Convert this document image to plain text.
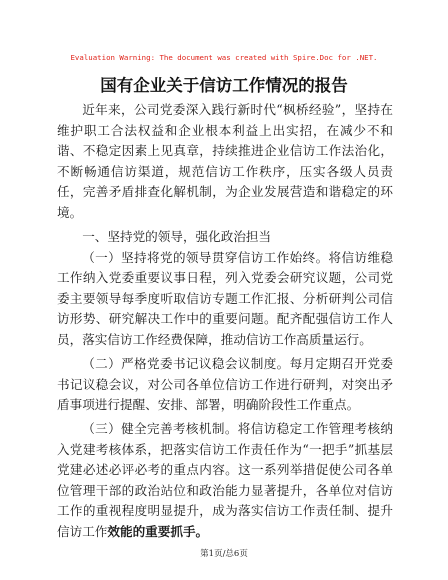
Evaluation Warning: The document was created with Spire.Doc for .NET.
国有企业关于信访工作情况的报告

近年来，公司党委深入践行新时代“枫桥经验”，坚持在维护职工合法权益和企业根本利益上出实招，在减少不和谐、不稳定因素上见真章，持续推进企业信访工作法治化，不断畅通信访渠道，规范信访工作秩序，压实各级人员责任，完善矛盾排查化解机制，为企业发展营造和谐稳定的环境。

一、坚持党的领导，强化政治担当

（一）坚持将党的领导贯穿信访工作始终。将信访维稳工作纳入党委重要议事日程，列入党委会研究议题，公司党委主要领导每季度听取信访专题工作汇报、分析研判公司信访形势、研究解决工作中的重要问题。配齐配强信访工作人员，落实信访工作经费保障，推动信访工作高质量运行。

（二）严格党委书记议稳会议制度。每月定期召开党委书记议稳会议，对公司各单位信访工作进行研判，对突出矛盾事项进行提醒、安排、部署，明确阶段性工作重点。

（三）健全完善考核机制。将信访稳定工作管理考核纳入党建考核体系，把落实信访工作责任作为“一把手”抓基层党建必述必评必考的重点内容。这一系列举措促使公司各单位管理干部的政治站位和政治能力显著提升，各单位对信访工作的重视程度明显提升，成为落实信访工作责任制、提升信访工作效能的重要抓手。

第1页/总6页
